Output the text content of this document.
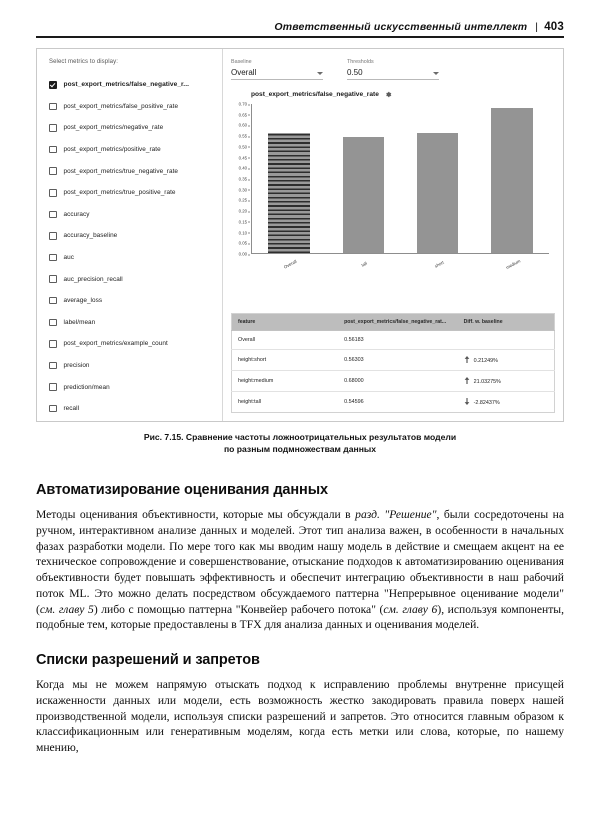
Ответственный искусственный интеллект | 403
Select metrics to display:
post_export_metrics/false_negative_r...
post_export_metrics/false_positive_rate
post_export_metrics/negative_rate
post_export_metrics/positive_rate
post_export_metrics/true_negative_rate
post_export_metrics/true_positive_rate
accuracy
accuracy_baseline
auc
auc_precision_recall
average_loss
label/mean
post_export_metrics/example_count
precision
prediction/mean
recall
Baseline
Overall
Thresholds
0.50
post_export_metrics/false_negative_rate
0.70
0.65
0.60
0.55
0.50
0.45
0.40
0.35
0.30
0.25
0.20
0.15
0.10
0.05
0.00
Overall	tall	short	medium
feature	post_export_metrics/false_negative_rat...	Diff. w. baseline
Overall	0.56183	
height:short	0.56303	0.21249%
height:medium	0.68000	21.03275%
height:tall	0.54596	-2.82437%
Рис. 7.15. Сравнение частоты ложноотрицательных результатов модели
по разным подмножествам данных
Автоматизирование оценивания данных

Методы оценивания объективности, которые мы обсуждали в разд. "Решение", были сосредоточены на ручном, интерактивном анализе данных и моделей. Этот тип анализа важен, в особенности в начальных фазах разработки модели. По мере того как мы вводим нашу модель в действие и смещаем акцент на ее техническое сопровождение и совершенствование, отыскание подходов к автоматизированию оценивания объективности будет повышать эффективность и обеспечит интеграцию объективности в наш рабочий поток ML. Это можно делать посредством обсуждаемого паттерна "Непрерывное оценивание модели" (см. главу 5) либо с помощью паттерна "Конвейер рабочего потока" (см. главу 6), используя компоненты, подобные тем, которые предоставлены в TFX для анализа данных и оценивания моделей.

Списки разрешений и запретов

Когда мы не можем напрямую отыскать подход к исправлению проблемы внутренне присущей искаженности данных или модели, есть возможность жестко закодировать правила поверх нашей производственной модели, используя списки разрешений и запретов. Это относится главным образом к классификационным или генеративным моделям, когда есть метки или слова, которые, по нашему мнению,
